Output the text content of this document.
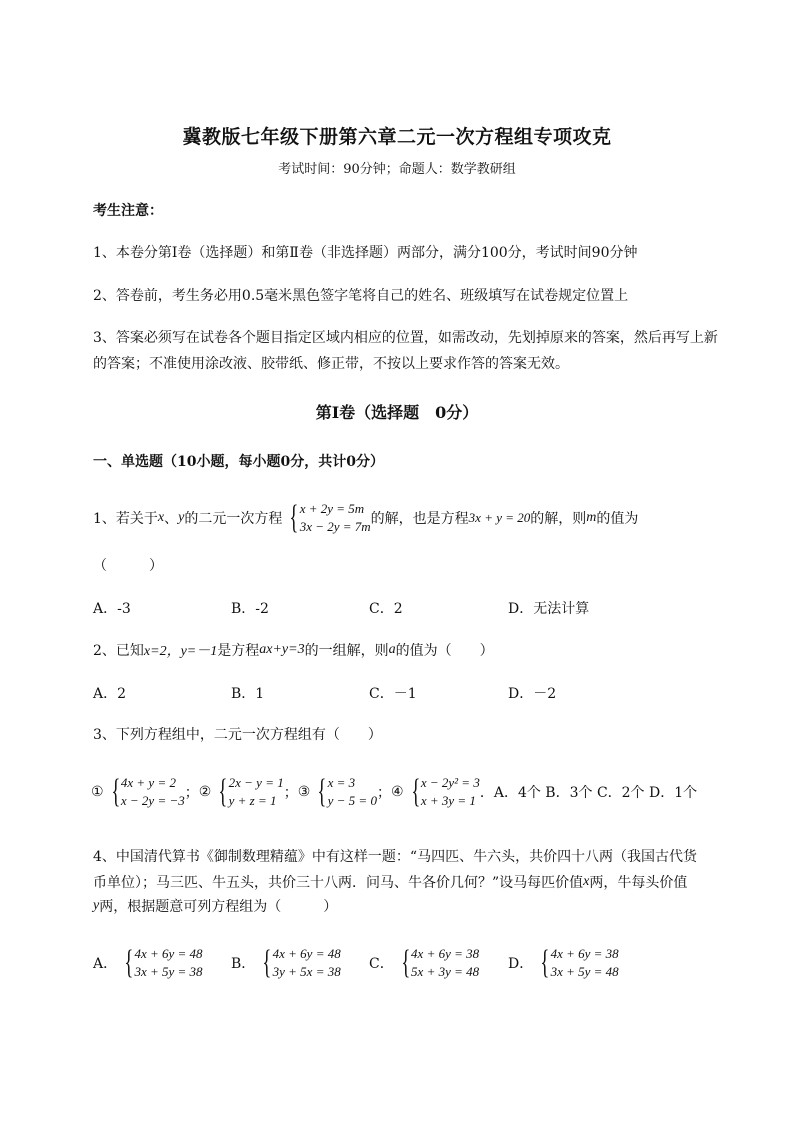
冀教版七年级下册第六章二元一次方程组专项攻克
考试时间：90分钟；命题人：数学教研组
考生注意：
1、本卷分第I卷（选择题）和第Ⅱ卷（非选择题）两部分，满分100分，考试时间90分钟
2、答卷前，考生务必用0.5毫米黑色签字笔将自己的姓名、班级填写在试卷规定位置上
3、答案必须写在试卷各个题目指定区域内相应的位置，如需改动，先划掉原来的答案，然后再写上新
的答案；不准使用涂改液、胶带纸、修正带，不按以上要求作答的答案无效。
第I卷（选择题　0分）
一、单选题（10小题，每小题0分，共计0分）
1、若关于 x 、 y 的二元一次方程 { x + 2y = 5m
3x − 2y = 7m 的解，也是方程 3x + y = 20 的解，则 m 的值为
（　　　）
A．-3	B．-2	C．2	D．无法计算
2、已知 x=2，y=－1 是方程 ax+y=3 的一组解，则 a 的值为（　　）
A．2	B．1	C．－1	D．－2
3、下列方程组中，二元一次方程组有（　　）
① { 4x + y = 2
x − 2y = −3 ； ② { 2x − y = 1
y + z = 1 ； ③ { x = 3
y − 5 = 0 ； ④ { x − 2y² = 3
x + 3y = 1 ．A．4个 B．3个 C．2个 D．1个
4、中国清代算书《御制数理精蕴》中有这样一题：“马四匹、牛六头，共价四十八两（我国古代货
币单位）；马三匹、牛五头，共价三十八两．问马、牛各价几何？”设马每匹价值 x 两，牛每头价值
y 两，根据题意可列方程组为（　　　）
A． { 4x + 6y = 48
3x + 5y = 38 B． { 4x + 6y = 48
3y + 5x = 38 C． { 4x + 6y = 38
5x + 3y = 48 D． { 4x + 6y = 38
3x + 5y = 48
